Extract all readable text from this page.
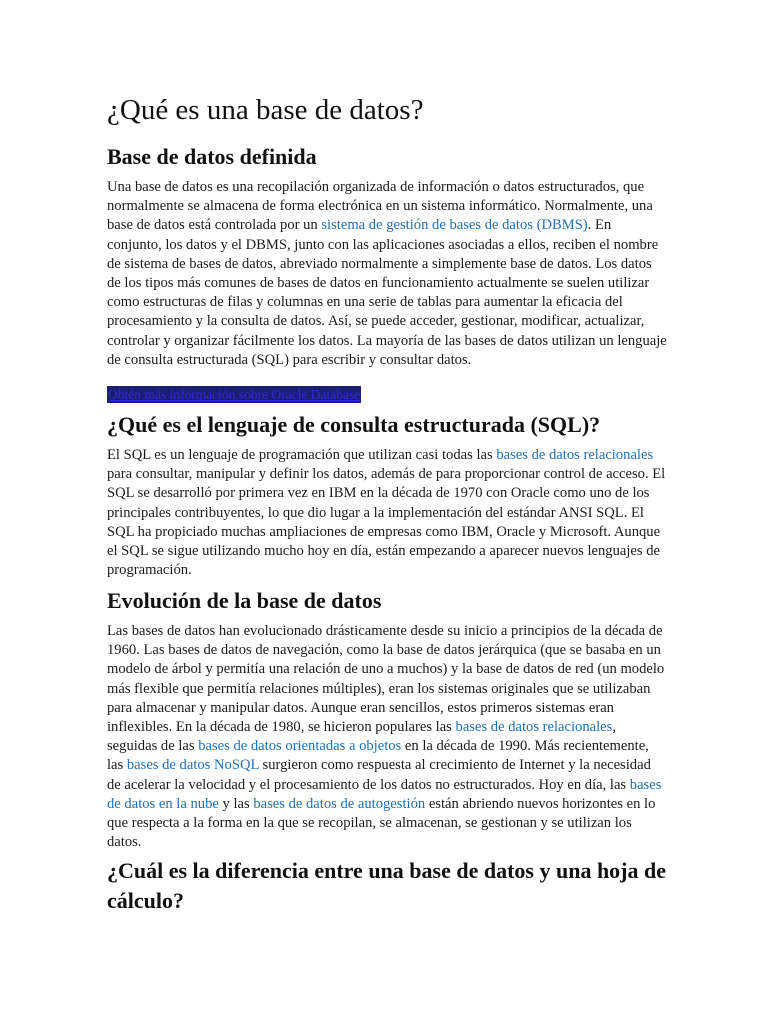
¿Qué es una base de datos?
Base de datos definida

Una base de datos es una recopilación organizada de información o datos estructurados, que normalmente se almacena de forma electrónica en un sistema informático. Normalmente, una base de datos está controlada por un sistema de gestión de bases de datos (DBMS). En conjunto, los datos y el DBMS, junto con las aplicaciones asociadas a ellos, reciben el nombre de sistema de bases de datos, abreviado normalmente a simplemente base de datos. Los datos de los tipos más comunes de bases de datos en funcionamiento actualmente se suelen utilizar como estructuras de filas y columnas en una serie de tablas para aumentar la eficacia del procesamiento y la consulta de datos. Así, se puede acceder, gestionar, modificar, actualizar, controlar y organizar fácilmente los datos. La mayoría de las bases de datos utilizan un lenguaje de consulta estructurada (SQL) para escribir y consultar datos.

Obtén más información sobre Oracle Database
¿Qué es el lenguaje de consulta estructurada (SQL)?

El SQL es un lenguaje de programación que utilizan casi todas las bases de datos relacionales para consultar, manipular y definir los datos, además de para proporcionar control de acceso. El SQL se desarrolló por primera vez en IBM en la década de 1970 con Oracle como uno de los principales contribuyentes, lo que dio lugar a la implementación del estándar ANSI SQL. El SQL ha propiciado muchas ampliaciones de empresas como IBM, Oracle y Microsoft. Aunque el SQL se sigue utilizando mucho hoy en día, están empezando a aparecer nuevos lenguajes de programación.

Evolución de la base de datos

Las bases de datos han evolucionado drásticamente desde su inicio a principios de la década de 1960. Las bases de datos de navegación, como la base de datos jerárquica (que se basaba en un modelo de árbol y permitía una relación de uno a muchos) y la base de datos de red (un modelo más flexible que permitía relaciones múltiples), eran los sistemas originales que se utilizaban para almacenar y manipular datos. Aunque eran sencillos, estos primeros sistemas eran inflexibles. En la década de 1980, se hicieron populares las bases de datos relacionales, seguidas de las bases de datos orientadas a objetos en la década de 1990. Más recientemente, las bases de datos NoSQL surgieron como respuesta al crecimiento de Internet y la necesidad de acelerar la velocidad y el procesamiento de los datos no estructurados. Hoy en día, las bases de datos en la nube y las bases de datos de autogestión están abriendo nuevos horizontes en lo que respecta a la forma en la que se recopilan, se almacenan, se gestionan y se utilizan los datos.

¿Cuál es la diferencia entre una base de datos y una hoja de cálculo?
